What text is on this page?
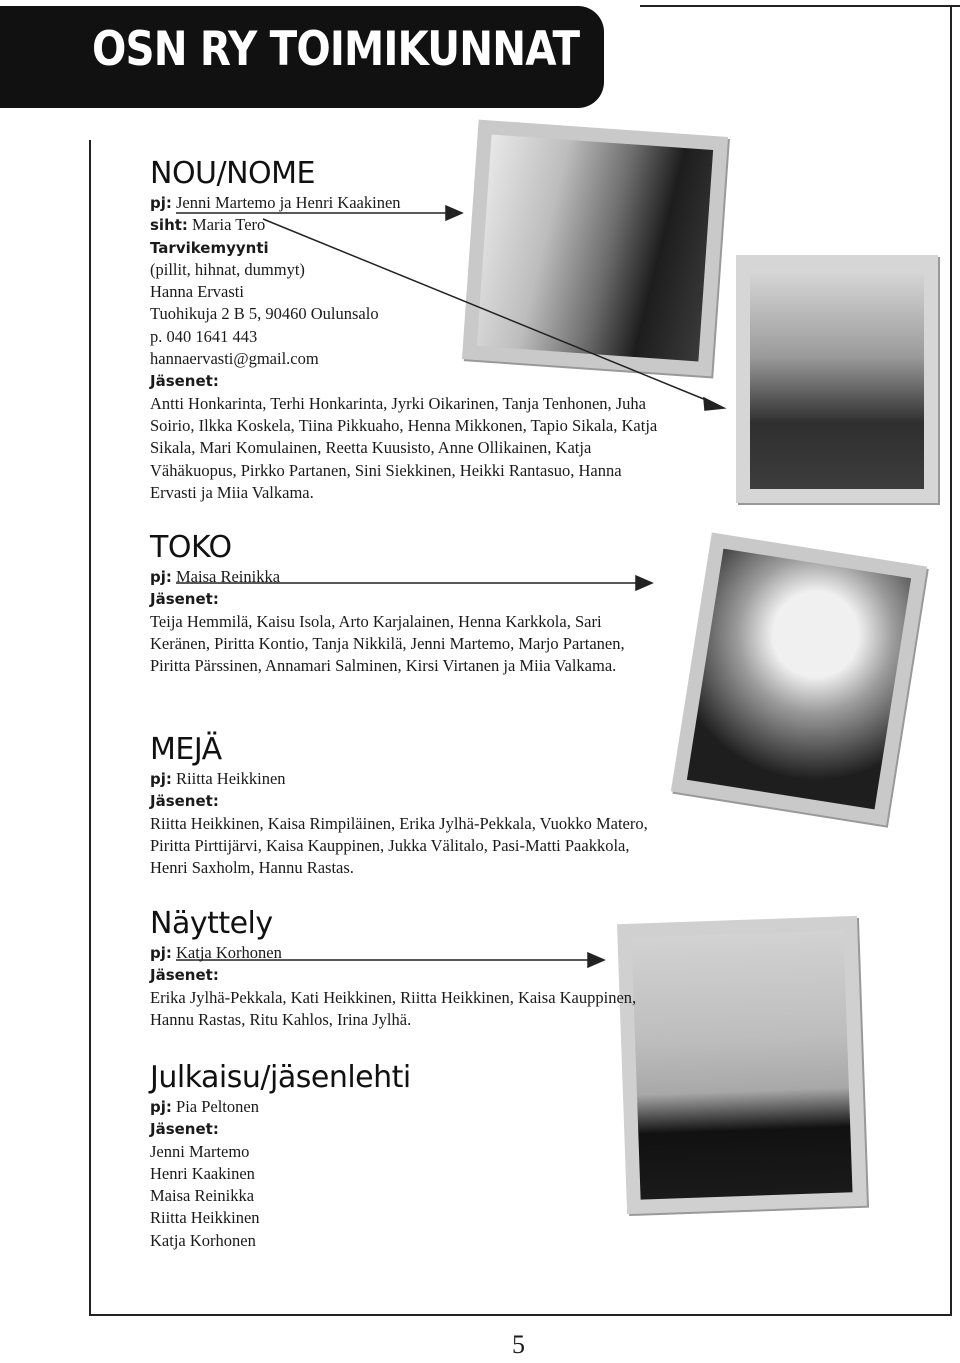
OSN RY TOIMIKUNNAT
NOU/NOME
pj: Jenni Martemo ja Henri Kaakinen
siht: Maria Tero
Tarvikemyynti
(pillit, hihnat, dummyt)
Hanna Ervasti
Tuohikuja 2 B 5, 90460 Oulunsalo
p. 040 1641 443
hannaervasti@gmail.com
Jäsenet:
Antti Honkarinta, Terhi Honkarinta, Jyrki Oikarinen, Tanja Tenhonen, Juha Soirio, Ilkka Koskela, Tiina Pikkuaho, Henna Mikkonen, Tapio Sikala, Katja Sikala, Mari Komulainen, Reetta Kuusisto, Anne Ollikainen, Katja Vähäkuopus, Pirkko Partanen, Sini Siekkinen, Heikki Rantasuo, Hanna Ervasti ja Miia Valkama.
TOKO
pj: Maisa Reinikka
Jäsenet:
Teija Hemmilä, Kaisu Isola, Arto Karjalainen, Henna Karkkola, Sari Keränen, Piritta Kontio, Tanja Nikkilä, Jenni Martemo, Marjo Partanen, Piritta Pärssinen, Annamari Salminen, Kirsi Virtanen ja Miia Valkama.
MEJÄ
pj: Riitta Heikkinen
Jäsenet:
Riitta Heikkinen, Kaisa Rimpiläinen, Erika Jylhä-Pekkala, Vuokko Matero, Piritta Pirttijärvi, Kaisa Kauppinen, Jukka Välitalo, Pasi-Matti Paakkola, Henri Saxholm, Hannu Rastas.
Näyttely
pj: Katja Korhonen
Jäsenet:
Erika Jylhä-Pekkala, Kati Heikkinen, Riitta Heikkinen, Kaisa Kauppinen, Hannu Rastas, Ritu Kahlos, Irina Jylhä.
Julkaisu/jäsenlehti
pj: Pia Peltonen
Jäsenet:
Jenni Martemo
Henri Kaakinen
Maisa Reinikka
Riitta Heikkinen
Katja Korhonen
5
